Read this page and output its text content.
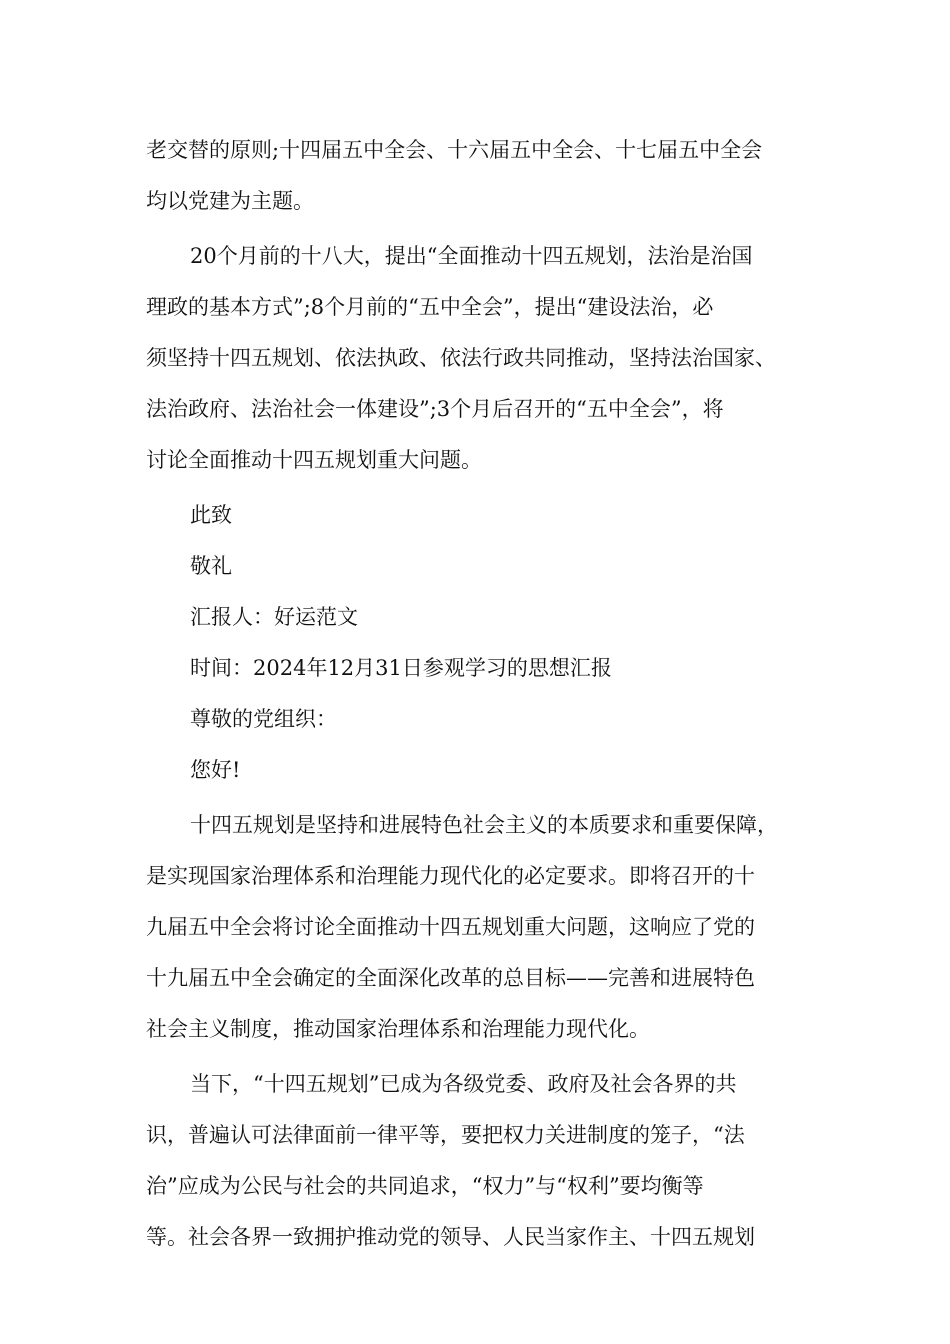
老交替的原则;十四届五中全会、十六届五中全会、十七届五中全会
均以党建为主题。
20个月前的十八大，提出“全面推动十四五规划，法治是治国
理政的基本方式”;8个月前的“五中全会”，提出“建设法治，必
须坚持十四五规划、依法执政、依法行政共同推动，坚持法治国家、
法治政府、法治社会一体建设”;3个月后召开的“五中全会”，将
讨论全面推动十四五规划重大问题。
此致
敬礼
汇报人：好运范文
时间：2024年12月31日参观学习的思想汇报
尊敬的党组织：
您好!
十四五规划是坚持和进展特色社会主义的本质要求和重要保障，
是实现国家治理体系和治理能力现代化的必定要求。即将召开的十
九届五中全会将讨论全面推动十四五规划重大问题，这响应了党的
十九届五中全会确定的全面深化改革的总目标——完善和进展特色
社会主义制度，推动国家治理体系和治理能力现代化。
当下，“十四五规划”已成为各级党委、政府及社会各界的共
识，普遍认可法律面前一律平等，要把权力关进制度的笼子，“法
治”应成为公民与社会的共同追求，“权力”与“权利”要均衡等
等。社会各界一致拥护推动党的领导、人民当家作主、十四五规划
